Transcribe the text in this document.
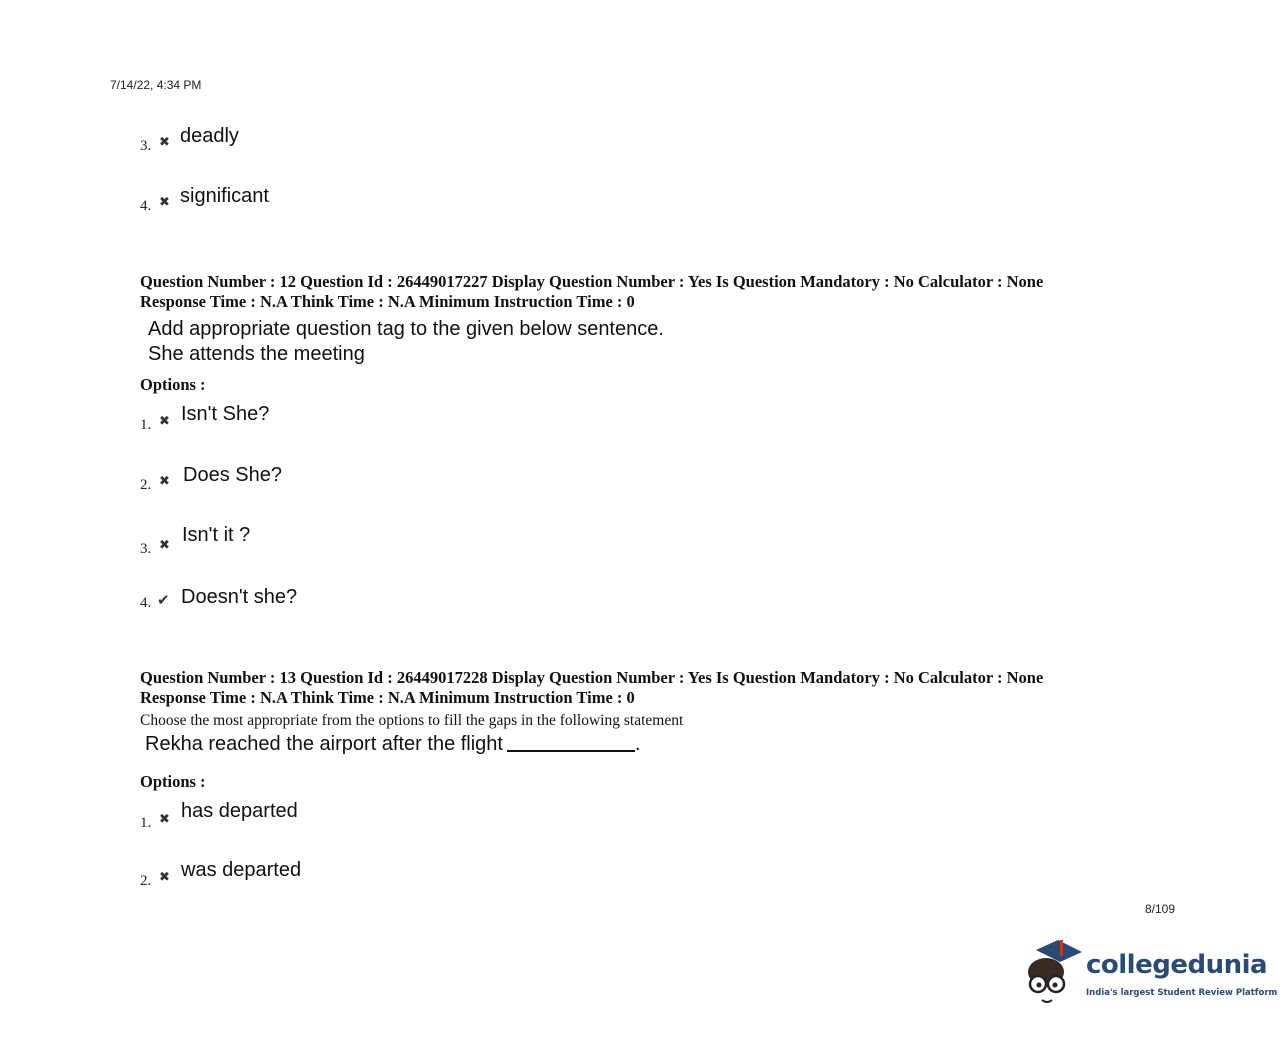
7/14/22, 4:34 PM
3. ✖ deadly
4. ✖ significant
Question Number : 12 Question Id : 26449017227 Display Question Number : Yes Is Question Mandatory : No Calculator : None
Response Time : N.A Think Time : N.A Minimum Instruction Time : 0
Add appropriate question tag to the given below sentence.
She attends the meeting
Options :
1. ✖ Isn't She?
2. ✖ Does She?
3. ✖ Isn't it ?
4. ✔ Doesn't she?
Question Number : 13 Question Id : 26449017228 Display Question Number : Yes Is Question Mandatory : No Calculator : None
Response Time : N.A Think Time : N.A Minimum Instruction Time : 0
Choose the most appropriate from the options to fill the gaps in the following statement
Rekha reached the airport after the flight	.
Options :
1. ✖ has departed
2. ✖ was departed
8/109
collegedunia
India's largest Student Review Platform
